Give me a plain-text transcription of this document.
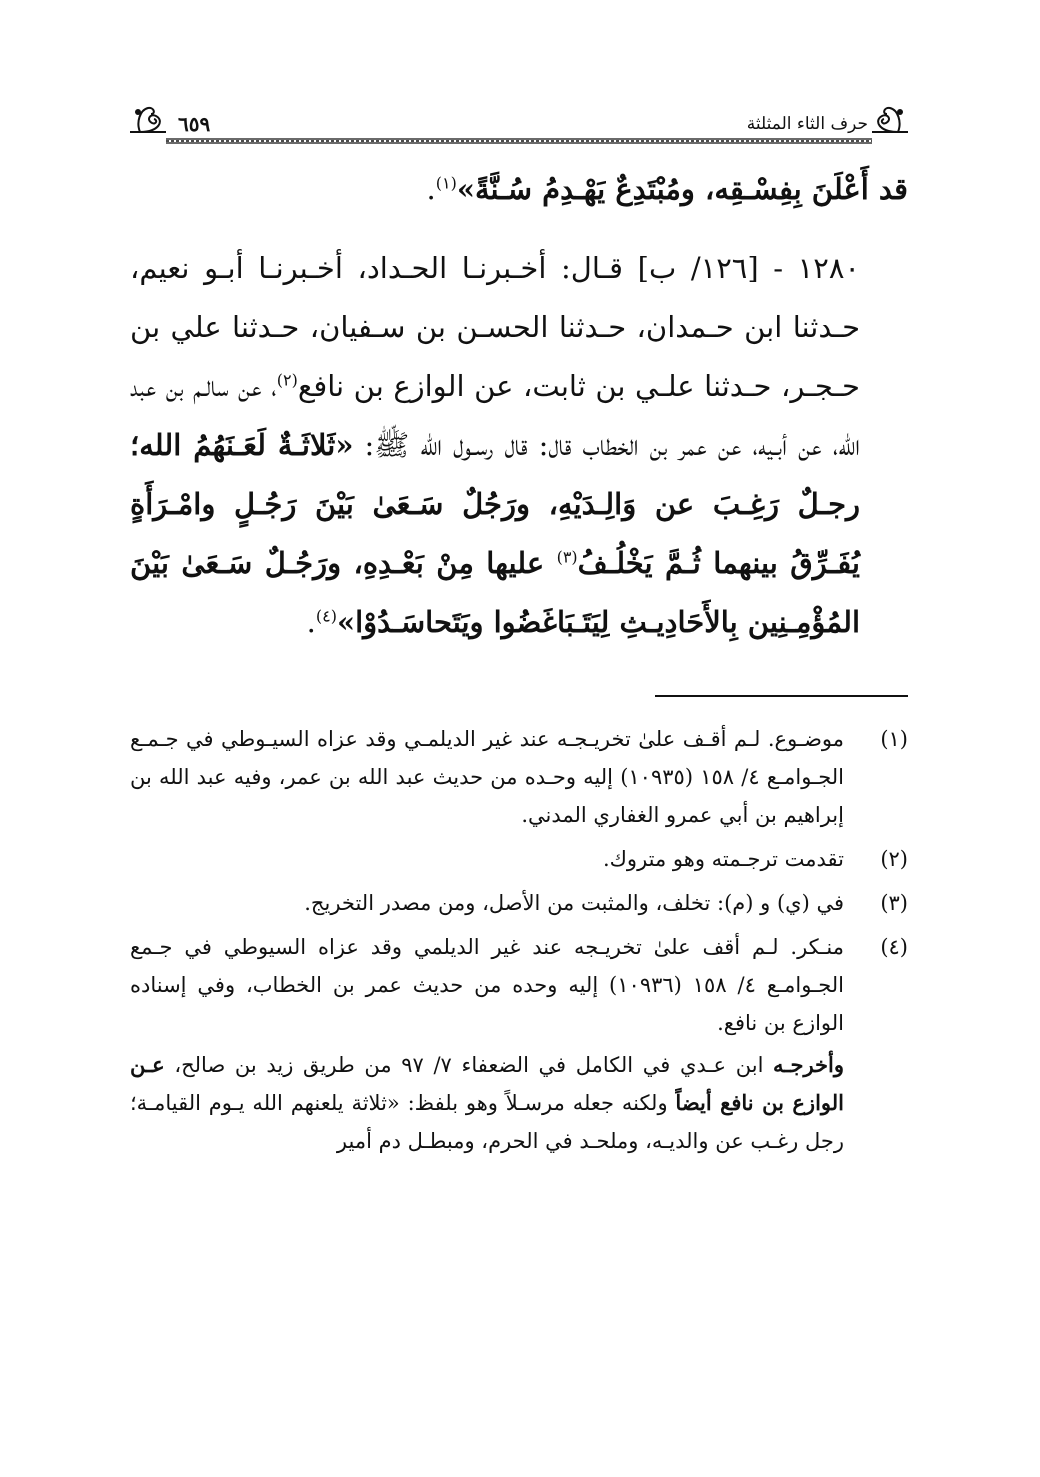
حرف الثاء المثلثة
٦٥٩

قد أَعْلَنَ بِفِسْـقِه، ومُبْتَدِعٌ يَهْـدِمُ سُـنَّةً»$^{(١)}$.

١٢٨٠ - [١٢٦/ ب] قـال: أخـبرنـا الحـداد، أخـبرنـا أبـو نعيم، حـدثنا ابن حـمدان، حـدثنا الحسـن بن سـفيان، حـدثنا علي بن حـجـر، حـدثنا علـي بن ثابت، عن الوازع بن نافع$^{(٢)}$، عن سالـم بن عبد الله، عن أبـيه، عن عمر بن الخطاب قال: قال رسـول الله ﷺ: «ثَلاثَـةٌ لَعَـنَهُمُ الله؛ رجـلٌ رَغِـبَ عن وَالِـدَيْهِ، ورَجُلٌ سَـعَىٰ بَيْنَ رَجُـلٍ وامْـرَأَةٍ يُفَـرِّقُ بينهما ثُـمَّ يَخْلُـفُ$^{(٣)}$ عليها مِنْ بَعْـدِهِ، ورَجُـلٌ سَـعَىٰ بَيْنَ المُؤْمِـنِين بِالأَحَادِيـثِ لِيَتَـبَاغَضُوا ويَتَحاسَـدُوْا»$^{(٤)}$.

(١)
موضـوع. لـم أقـف علىٰ تخريـجـه عند غير الديلمـي وقد عزاه السيـوطي في جـمـع الجـوامـع ٤/ ١٥٨ (١٠٩٣٥) إليه وحـده من حديث عبد الله بن عمر، وفيه عبد الله بن إبراهيم بن أبي عمرو الغفاري المدني.
(٢)
تقدمت ترجـمته وهو متروك.
(٣)
في (ي) و (م): تخلف، والمثبت من الأصل، ومن مصدر التخريج.
(٤)
منـكر. لـم أقف علىٰ تخريـجه عند غير الديلمي وقد عزاه السيوطي في جـمع الجـوامـع ٤/ ١٥٨ (١٠٩٣٦) إليه وحده من حديث عمر بن الخطاب، وفي إسناده الوازع بن نافع.
وأخرجـه ابن عـدي في الكامل في الضعفاء ٧/ ٩٧ من طريق زيد بن صالح، عـن الوازع بن نافع أيضاً ولكنه جعله مرسـلاً وهو بلفظ: «ثلاثة يلعنهم الله يـوم القيامـة؛ رجل رغـب عن والديـه، وملحـد في الحرم، ومبطـل دم أمير
